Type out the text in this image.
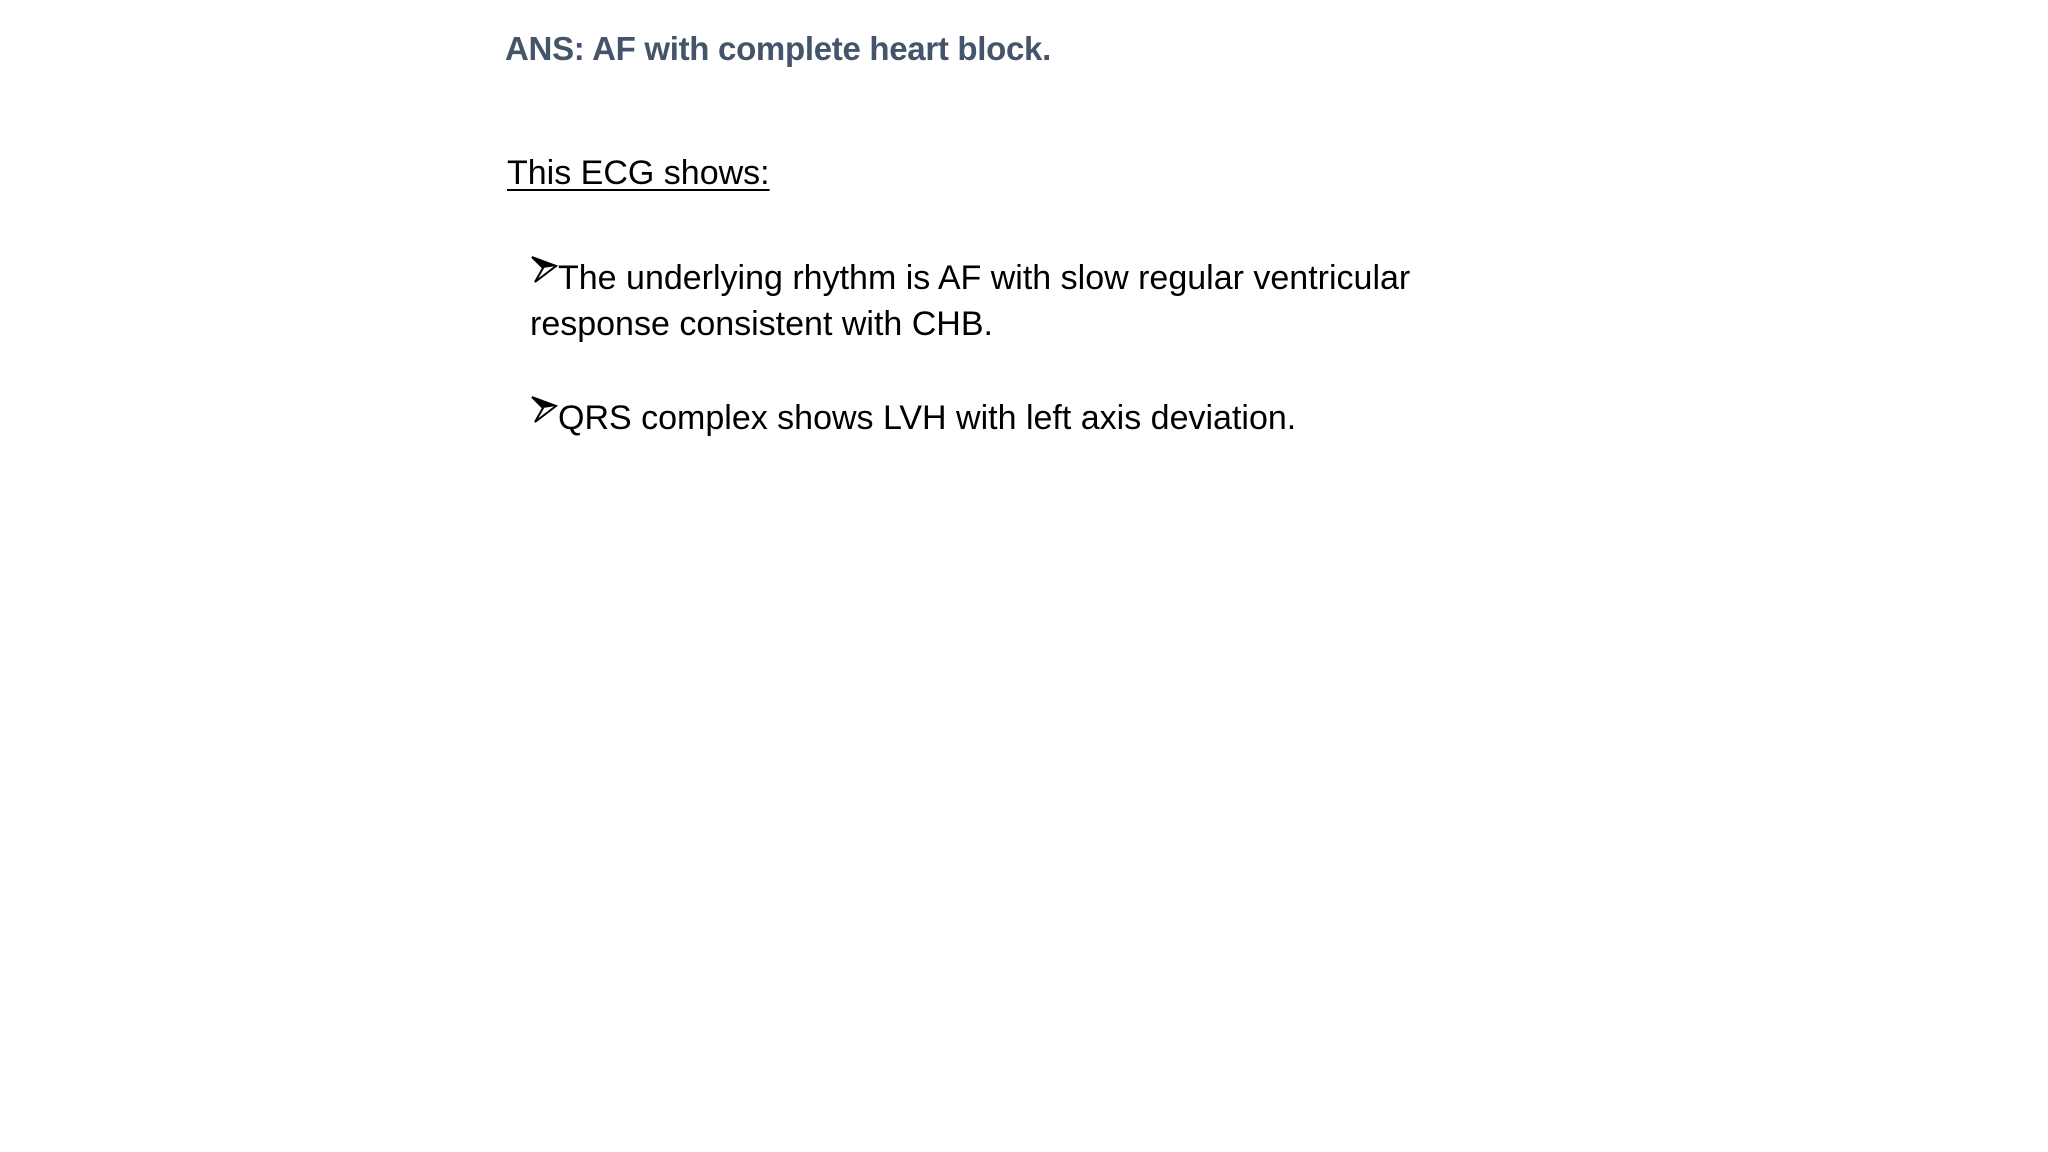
ANS: AF with complete heart block.
This ECG shows:
The underlying rhythm is AF with slow regular ventricular response consistent with CHB.
QRS complex shows LVH with left axis deviation.
